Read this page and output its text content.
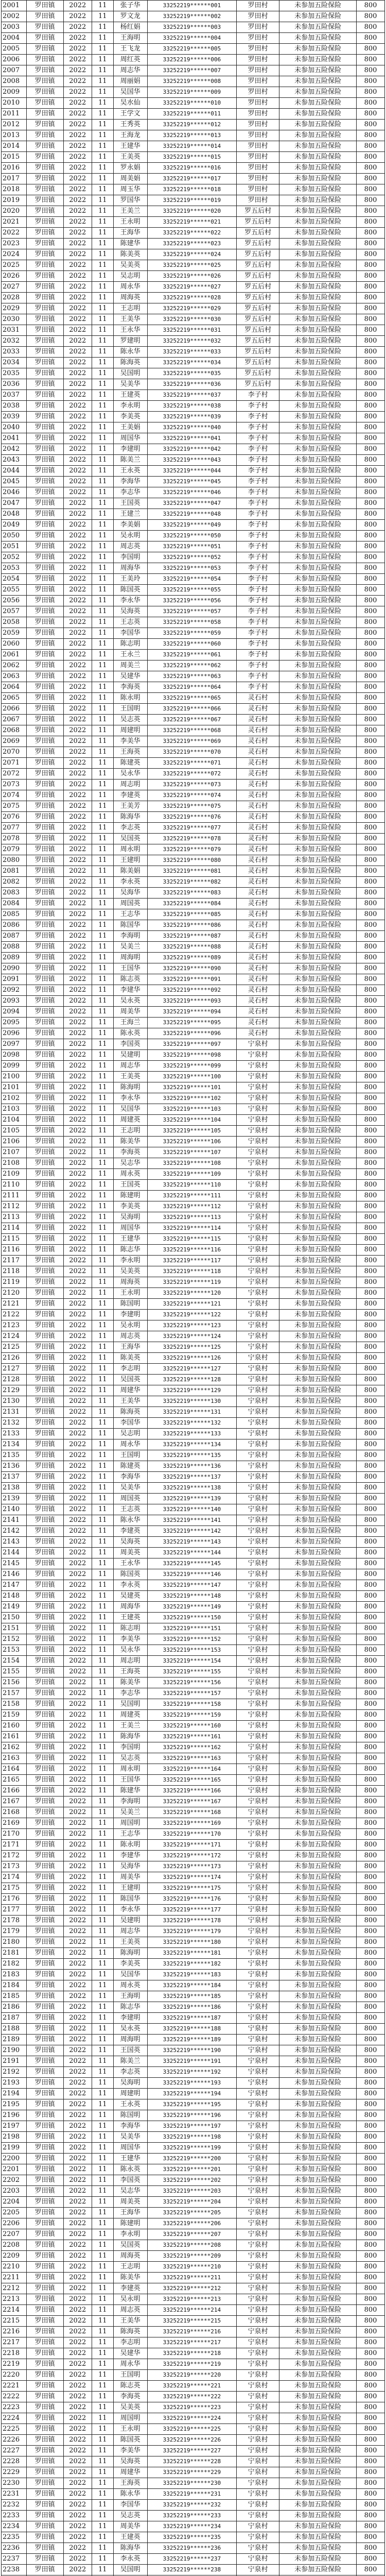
2001	罗田镇	2022	11	张子华	33252219******001	罗田村	未参加五险保险	800
2002	罗田镇	2022	11	罗文龙	33252219******002	罗田村	未参加五险保险	800
2003	罗田镇	2022	11	杨红娟	33252219******003	罗田村	未参加五险保险	800
2004	罗田镇	2022	11	王海明	33252219******004	罗田村	未参加五险保险	800
2005	罗田镇	2022	11	王飞龙	33252219******005	罗田村	未参加五险保险	800
2006	罗田镇	2022	11	周红英	33252219******006	罗田村	未参加五险保险	800
2007	罗田镇	2022	11	周志华	33252219******007	罗田村	未参加五险保险	800
2008	罗田镇	2022	11	周丽娟	33252219******008	罗田村	未参加五险保险	800
2009	罗田镇	2022	11	吴国华	33252219******009	罗田村	未参加五险保险	800
2010	罗田镇	2022	11	吴水仙	33252219******010	罗田村	未参加五险保险	800
2011	罗田镇	2022	11	王学文	33252219******011	罗田村	未参加五险保险	800
2012	罗田镇	2022	11	王秀英	33252219******012	罗田村	未参加五险保险	800
2013	罗田镇	2022	11	王海龙	33252219******013	罗田村	未参加五险保险	800
2014	罗田镇	2022	11	王建华	33252219******014	罗田村	未参加五险保险	800
2015	罗田镇	2022	11	王美英	33252219******015	罗田村	未参加五险保险	800
2016	罗田镇	2022	11	罗永娟	33252219******016	罗田村	未参加五险保险	800
2017	罗田镇	2022	11	周美娟	33252219******017	罗田村	未参加五险保险	800
2018	罗田镇	2022	11	周玉华	33252219******018	罗田村	未参加五险保险	800
2019	罗田镇	2022	11	罗国华	33252219******019	罗田村	未参加五险保险	800
2020	罗田镇	2022	11	王美兰	33252219******020	罗五后村	未参加五险保险	800
2021	罗田镇	2022	11	王永明	33252219******021	罗五后村	未参加五险保险	800
2022	罗田镇	2022	11	王海华	33252219******022	罗五后村	未参加五险保险	800
2023	罗田镇	2022	11	陈建华	33252219******023	罗五后村	未参加五险保险	800
2024	罗田镇	2022	11	陈美英	33252219******024	罗五后村	未参加五险保险	800
2025	罗田镇	2022	11	吴美英	33252219******025	罗五后村	未参加五险保险	800
2026	罗田镇	2022	11	吴志明	33252219******026	罗五后村	未参加五险保险	800
2027	罗田镇	2022	11	周永华	33252219******027	罗五后村	未参加五险保险	800
2028	罗田镇	2022	11	周海英	33252219******028	罗五后村	未参加五险保险	800
2029	罗田镇	2022	11	王志明	33252219******029	罗五后村	未参加五险保险	800
2030	罗田镇	2022	11	王美华	33252219******030	罗五后村	未参加五险保险	800
2031	罗田镇	2022	11	王永华	33252219******031	罗五后村	未参加五险保险	800
2032	罗田镇	2022	11	罗建明	33252219******032	罗五后村	未参加五险保险	800
2033	罗田镇	2022	11	陈永华	33252219******033	罗五后村	未参加五险保险	800
2034	罗田镇	2022	11	陈海英	33252219******034	罗五后村	未参加五险保险	800
2035	罗田镇	2022	11	吴国明	33252219******035	罗五后村	未参加五险保险	800
2036	罗田镇	2022	11	吴美华	33252219******036	罗五后村	未参加五险保险	800
2037	罗田镇	2022	11	王建英	33252219******037	李子村	未参加五险保险	800
2038	罗田镇	2022	11	李永明	33252219******038	李子村	未参加五险保险	800
2039	罗田镇	2022	11	李美英	33252219******039	李子村	未参加五险保险	800
2040	罗田镇	2022	11	王美娟	33252219******040	李子村	未参加五险保险	800
2041	罗田镇	2022	11	周国华	33252219******041	李子村	未参加五险保险	800
2042	罗田镇	2022	11	李建明	33252219******042	李子村	未参加五险保险	800
2043	罗田镇	2022	11	陈美兰	33252219******043	李子村	未参加五险保险	800
2044	罗田镇	2022	11	王永英	33252219******044	李子村	未参加五险保险	800
2045	罗田镇	2022	11	李海华	33252219******045	李子村	未参加五险保险	800
2046	罗田镇	2022	11	李志华	33252219******046	李子村	未参加五险保险	800
2047	罗田镇	2022	11	王国英	33252219******047	李子村	未参加五险保险	800
2048	罗田镇	2022	11	王建兰	33252219******048	李子村	未参加五险保险	800
2049	罗田镇	2022	11	李美娟	33252219******049	李子村	未参加五险保险	800
2050	罗田镇	2022	11	吴永明	33252219******050	李子村	未参加五险保险	800
2051	罗田镇	2022	11	周志英	33252219******051	李子村	未参加五险保险	800
2052	罗田镇	2022	11	李国明	33252219******052	李子村	未参加五险保险	800
2053	罗田镇	2022	11	周海华	33252219******053	李子村	未参加五险保险	800
2054	罗田镇	2022	11	王美玲	33252219******054	李子村	未参加五险保险	800
2055	罗田镇	2022	11	陈国英	33252219******055	李子村	未参加五险保险	800
2056	罗田镇	2022	11	李永华	33252219******056	李子村	未参加五险保险	800
2057	罗田镇	2022	11	吴海英	33252219******057	李子村	未参加五险保险	800
2058	罗田镇	2022	11	王志英	33252219******058	李子村	未参加五险保险	800
2059	罗田镇	2022	11	李国华	33252219******059	李子村	未参加五险保险	800
2060	罗田镇	2022	11	陈志明	33252219******060	李子村	未参加五险保险	800
2061	罗田镇	2022	11	王永兰	33252219******061	李子村	未参加五险保险	800
2062	罗田镇	2022	11	周美兰	33252219******062	李子村	未参加五险保险	800
2063	罗田镇	2022	11	吴建华	33252219******063	李子村	未参加五险保险	800
2064	罗田镇	2022	11	李海英	33252219******064	李子村	未参加五险保险	800
2065	罗田镇	2022	11	陈永明	33252219******065	灵石村	未参加五险保险	800
2066	罗田镇	2022	11	王国明	33252219******066	灵石村	未参加五险保险	800
2067	罗田镇	2022	11	吴志英	33252219******067	灵石村	未参加五险保险	800
2068	罗田镇	2022	11	周建明	33252219******068	灵石村	未参加五险保险	800
2069	罗田镇	2022	11	李美华	33252219******069	灵石村	未参加五险保险	800
2070	罗田镇	2022	11	王海英	33252219******070	灵石村	未参加五险保险	800
2071	罗田镇	2022	11	陈建英	33252219******071	灵石村	未参加五险保险	800
2072	罗田镇	2022	11	吴永华	33252219******072	灵石村	未参加五险保险	800
2073	罗田镇	2022	11	周志明	33252219******073	灵石村	未参加五险保险	800
2074	罗田镇	2022	11	李建英	33252219******074	灵石村	未参加五险保险	800
2075	罗田镇	2022	11	王美芳	33252219******075	灵石村	未参加五险保险	800
2076	罗田镇	2022	11	陈海华	33252219******076	灵石村	未参加五险保险	800
2077	罗田镇	2022	11	李志英	33252219******077	灵石村	未参加五险保险	800
2078	罗田镇	2022	11	吴国英	33252219******078	灵石村	未参加五险保险	800
2079	罗田镇	2022	11	周永明	33252219******079	灵石村	未参加五险保险	800
2080	罗田镇	2022	11	王建明	33252219******080	灵石村	未参加五险保险	800
2081	罗田镇	2022	11	陈美娟	33252219******081	灵石村	未参加五险保险	800
2082	罗田镇	2022	11	李永英	33252219******082	灵石村	未参加五险保险	800
2083	罗田镇	2022	11	吴海华	33252219******083	灵石村	未参加五险保险	800
2084	罗田镇	2022	11	周国英	33252219******084	灵石村	未参加五险保险	800
2085	罗田镇	2022	11	王志华	33252219******085	灵石村	未参加五险保险	800
2086	罗田镇	2022	11	陈国华	33252219******086	灵石村	未参加五险保险	800
2087	罗田镇	2022	11	李海明	33252219******087	灵石村	未参加五险保险	800
2088	罗田镇	2022	11	吴美兰	33252219******088	灵石村	未参加五险保险	800
2089	罗田镇	2022	11	周海明	33252219******089	灵石村	未参加五险保险	800
2090	罗田镇	2022	11	王国华	33252219******090	灵石村	未参加五险保险	800
2091	罗田镇	2022	11	陈志英	33252219******091	灵石村	未参加五险保险	800
2092	罗田镇	2022	11	李建华	33252219******092	灵石村	未参加五险保险	800
2093	罗田镇	2022	11	吴永英	33252219******093	灵石村	未参加五险保险	800
2094	罗田镇	2022	11	周美华	33252219******094	灵石村	未参加五险保险	800
2095	罗田镇	2022	11	王海兰	33252219******095	灵石村	未参加五险保险	800
2096	罗田镇	2022	11	陈永英	33252219******096	灵石村	未参加五险保险	800
2097	罗田镇	2022	11	李国英	33252219******097	宁泉村	未参加五险保险	800
2098	罗田镇	2022	11	吴建明	33252219******098	宁泉村	未参加五险保险	800
2099	罗田镇	2022	11	周志华	33252219******099	宁泉村	未参加五险保险	800
2100	罗田镇	2022	11	王美英	33252219******100	宁泉村	未参加五险保险	800
2101	罗田镇	2022	11	陈海明	33252219******101	宁泉村	未参加五险保险	800
2102	罗田镇	2022	11	李永华	33252219******102	宁泉村	未参加五险保险	800
2103	罗田镇	2022	11	吴国华	33252219******103	宁泉村	未参加五险保险	800
2104	罗田镇	2022	11	周建英	33252219******104	宁泉村	未参加五险保险	800
2105	罗田镇	2022	11	王志明	33252219******105	宁泉村	未参加五险保险	800
2106	罗田镇	2022	11	陈美华	33252219******106	宁泉村	未参加五险保险	800
2107	罗田镇	2022	11	李海英	33252219******107	宁泉村	未参加五险保险	800
2108	罗田镇	2022	11	吴志华	33252219******108	宁泉村	未参加五险保险	800
2109	罗田镇	2022	11	周永英	33252219******109	宁泉村	未参加五险保险	800
2110	罗田镇	2022	11	王国英	33252219******110	宁泉村	未参加五险保险	800
2111	罗田镇	2022	11	陈建明	33252219******111	宁泉村	未参加五险保险	800
2112	罗田镇	2022	11	李美英	33252219******112	宁泉村	未参加五险保险	800
2113	罗田镇	2022	11	吴海明	33252219******113	宁泉村	未参加五险保险	800
2114	罗田镇	2022	11	周国华	33252219******114	宁泉村	未参加五险保险	800
2115	罗田镇	2022	11	王建华	33252219******115	宁泉村	未参加五险保险	800
2116	罗田镇	2022	11	陈志华	33252219******116	宁泉村	未参加五险保险	800
2117	罗田镇	2022	11	李永明	33252219******117	宁泉村	未参加五险保险	800
2118	罗田镇	2022	11	吴美英	33252219******118	宁泉村	未参加五险保险	800
2119	罗田镇	2022	11	周海英	33252219******119	宁泉村	未参加五险保险	800
2120	罗田镇	2022	11	王永明	33252219******120	宁泉村	未参加五险保险	800
2121	罗田镇	2022	11	陈国明	33252219******121	宁泉村	未参加五险保险	800
2122	罗田镇	2022	11	李建明	33252219******122	宁泉村	未参加五险保险	800
2123	罗田镇	2022	11	吴永明	33252219******123	宁泉村	未参加五险保险	800
2124	罗田镇	2022	11	周志英	33252219******124	宁泉村	未参加五险保险	800
2125	罗田镇	2022	11	王海华	33252219******125	宁泉村	未参加五险保险	800
2126	罗田镇	2022	11	陈美英	33252219******126	宁泉村	未参加五险保险	800
2127	罗田镇	2022	11	李志明	33252219******127	宁泉村	未参加五险保险	800
2128	罗田镇	2022	11	吴国英	33252219******128	宁泉村	未参加五险保险	800
2129	罗田镇	2022	11	周建华	33252219******129	宁泉村	未参加五险保险	800
2130	罗田镇	2022	11	王美华	33252219******130	宁泉村	未参加五险保险	800
2131	罗田镇	2022	11	陈海英	33252219******131	宁泉村	未参加五险保险	800
2132	罗田镇	2022	11	李国华	33252219******132	宁泉村	未参加五险保险	800
2133	罗田镇	2022	11	吴志明	33252219******133	宁泉村	未参加五险保险	800
2134	罗田镇	2022	11	周永华	33252219******134	宁泉村	未参加五险保险	800
2135	罗田镇	2022	11	王国明	33252219******135	宁泉村	未参加五险保险	800
2136	罗田镇	2022	11	陈建英	33252219******136	宁泉村	未参加五险保险	800
2137	罗田镇	2022	11	李海华	33252219******137	宁泉村	未参加五险保险	800
2138	罗田镇	2022	11	吴美华	33252219******138	宁泉村	未参加五险保险	800
2139	罗田镇	2022	11	周国英	33252219******139	宁泉村	未参加五险保险	800
2140	罗田镇	2022	11	王志英	33252219******140	宁泉村	未参加五险保险	800
2141	罗田镇	2022	11	陈永华	33252219******141	宁泉村	未参加五险保险	800
2142	罗田镇	2022	11	李建英	33252219******142	宁泉村	未参加五险保险	800
2143	罗田镇	2022	11	吴海英	33252219******143	宁泉村	未参加五险保险	800
2144	罗田镇	2022	11	周美英	33252219******144	宁泉村	未参加五险保险	800
2145	罗田镇	2022	11	王永华	33252219******145	宁泉村	未参加五险保险	800
2146	罗田镇	2022	11	陈国英	33252219******146	宁泉村	未参加五险保险	800
2147	罗田镇	2022	11	李永英	33252219******147	宁泉村	未参加五险保险	800
2148	罗田镇	2022	11	吴建英	33252219******148	宁泉村	未参加五险保险	800
2149	罗田镇	2022	11	周海华	33252219******149	宁泉村	未参加五险保险	800
2150	罗田镇	2022	11	王建英	33252219******150	宁泉村	未参加五险保险	800
2151	罗田镇	2022	11	陈志明	33252219******151	宁泉村	未参加五险保险	800
2152	罗田镇	2022	11	李美华	33252219******152	宁泉村	未参加五险保险	800
2153	罗田镇	2022	11	吴永华	33252219******153	宁泉村	未参加五险保险	800
2154	罗田镇	2022	11	周志明	33252219******154	宁泉村	未参加五险保险	800
2155	罗田镇	2022	11	王海英	33252219******155	宁泉村	未参加五险保险	800
2156	罗田镇	2022	11	陈美华	33252219******156	宁泉村	未参加五险保险	800
2157	罗田镇	2022	11	李志华	33252219******157	宁泉村	未参加五险保险	800
2158	罗田镇	2022	11	吴国明	33252219******158	宁泉村	未参加五险保险	800
2159	罗田镇	2022	11	周建英	33252219******159	宁泉村	未参加五险保险	800
2160	罗田镇	2022	11	王美兰	33252219******160	宁泉村	未参加五险保险	800
2161	罗田镇	2022	11	陈海华	33252219******161	宁泉村	未参加五险保险	800
2162	罗田镇	2022	11	李国明	33252219******162	宁泉村	未参加五险保险	800
2163	罗田镇	2022	11	吴志英	33252219******163	宁泉村	未参加五险保险	800
2164	罗田镇	2022	11	周永明	33252219******164	宁泉村	未参加五险保险	800
2165	罗田镇	2022	11	王国华	33252219******165	宁泉村	未参加五险保险	800
2166	罗田镇	2022	11	陈建华	33252219******166	宁泉村	未参加五险保险	800
2167	罗田镇	2022	11	李海明	33252219******167	宁泉村	未参加五险保险	800
2168	罗田镇	2022	11	吴美兰	33252219******168	宁泉村	未参加五险保险	800
2169	罗田镇	2022	11	周国明	33252219******169	宁泉村	未参加五险保险	800
2170	罗田镇	2022	11	王志华	33252219******170	宁泉村	未参加五险保险	800
2171	罗田镇	2022	11	陈永明	33252219******171	宁泉村	未参加五险保险	800
2172	罗田镇	2022	11	李建华	33252219******172	宁泉村	未参加五险保险	800
2173	罗田镇	2022	11	吴海华	33252219******173	宁泉村	未参加五险保险	800
2174	罗田镇	2022	11	周美华	33252219******174	宁泉村	未参加五险保险	800
2175	罗田镇	2022	11	王建明	33252219******175	宁泉村	未参加五险保险	800
2176	罗田镇	2022	11	陈国华	33252219******176	宁泉村	未参加五险保险	800
2177	罗田镇	2022	11	李永华	33252219******177	宁泉村	未参加五险保险	800
2178	罗田镇	2022	11	吴建明	33252219******178	宁泉村	未参加五险保险	800
2179	罗田镇	2022	11	周志华	33252219******179	宁泉村	未参加五险保险	800
2180	罗田镇	2022	11	王美英	33252219******180	宁泉村	未参加五险保险	800
2181	罗田镇	2022	11	陈海明	33252219******181	宁泉村	未参加五险保险	800
2182	罗田镇	2022	11	李美英	33252219******182	宁泉村	未参加五险保险	800
2183	罗田镇	2022	11	吴国华	33252219******183	宁泉村	未参加五险保险	800
2184	罗田镇	2022	11	周永英	33252219******184	宁泉村	未参加五险保险	800
2185	罗田镇	2022	11	王海明	33252219******185	宁泉村	未参加五险保险	800
2186	罗田镇	2022	11	陈志华	33252219******186	宁泉村	未参加五险保险	800
2187	罗田镇	2022	11	李建明	33252219******187	宁泉村	未参加五险保险	800
2188	罗田镇	2022	11	吴永英	33252219******188	宁泉村	未参加五险保险	800
2189	罗田镇	2022	11	周海明	33252219******189	宁泉村	未参加五险保险	800
2190	罗田镇	2022	11	王国英	33252219******190	宁泉村	未参加五险保险	800
2191	罗田镇	2022	11	陈美兰	33252219******191	宁泉村	未参加五险保险	800
2192	罗田镇	2022	11	李志英	33252219******192	宁泉村	未参加五险保险	800
2193	罗田镇	2022	11	吴海明	33252219******193	宁泉村	未参加五险保险	800
2194	罗田镇	2022	11	周建明	33252219******194	宁泉村	未参加五险保险	800
2195	罗田镇	2022	11	王永英	33252219******195	宁泉村	未参加五险保险	800
2196	罗田镇	2022	11	陈国明	33252219******196	宁泉村	未参加五险保险	800
2197	罗田镇	2022	11	李海华	33252219******197	宁泉村	未参加五险保险	800
2198	罗田镇	2022	11	吴美华	33252219******198	宁泉村	未参加五险保险	800
2199	罗田镇	2022	11	周国华	33252219******199	宁泉村	未参加五险保险	800
2200	罗田镇	2022	11	王建华	33252219******200	宁泉村	未参加五险保险	800
2201	罗田镇	2022	11	陈永英	33252219******201	宁泉村	未参加五险保险	800
2202	罗田镇	2022	11	李国英	33252219******202	宁泉村	未参加五险保险	800
2203	罗田镇	2022	11	吴志华	33252219******203	宁泉村	未参加五险保险	800
2204	罗田镇	2022	11	周美英	33252219******204	宁泉村	未参加五险保险	800
2205	罗田镇	2022	11	王海华	33252219******205	宁泉村	未参加五险保险	800
2206	罗田镇	2022	11	陈建明	33252219******206	宁泉村	未参加五险保险	800
2207	罗田镇	2022	11	李永明	33252219******207	宁泉村	未参加五险保险	800
2208	罗田镇	2022	11	吴国英	33252219******208	宁泉村	未参加五险保险	800
2209	罗田镇	2022	11	周海英	33252219******209	宁泉村	未参加五险保险	800
2210	罗田镇	2022	11	王志明	33252219******210	宁泉村	未参加五险保险	800
2211	罗田镇	2022	11	陈美华	33252219******211	宁泉村	未参加五险保险	800
2212	罗田镇	2022	11	李建英	33252219******212	宁泉村	未参加五险保险	800
2213	罗田镇	2022	11	吴永明	33252219******213	宁泉村	未参加五险保险	800
2214	罗田镇	2022	11	周志英	33252219******214	宁泉村	未参加五险保险	800
2215	罗田镇	2022	11	王美华	33252219******215	宁泉村	未参加五险保险	800
2216	罗田镇	2022	11	陈海英	33252219******216	宁泉村	未参加五险保险	800
2217	罗田镇	2022	11	李志明	33252219******217	宁泉村	未参加五险保险	800
2218	罗田镇	2022	11	吴建华	33252219******218	宁泉村	未参加五险保险	800
2219	罗田镇	2022	11	周永华	33252219******219	宁泉村	未参加五险保险	800
2220	罗田镇	2022	11	王国明	33252219******220	宁泉村	未参加五险保险	800
2221	罗田镇	2022	11	陈志英	33252219******221	宁泉村	未参加五险保险	800
2222	罗田镇	2022	11	李海英	33252219******222	宁泉村	未参加五险保险	800
2223	罗田镇	2022	11	吴美英	33252219******223	宁泉村	未参加五险保险	800
2224	罗田镇	2022	11	周国明	33252219******224	宁泉村	未参加五险保险	800
2225	罗田镇	2022	11	王永明	33252219******225	宁泉村	未参加五险保险	800
2226	罗田镇	2022	11	陈国英	33252219******226	宁泉村	未参加五险保险	800
2227	罗田镇	2022	11	李美华	33252219******227	宁泉村	未参加五险保险	800
2228	罗田镇	2022	11	吴海英	33252219******228	宁泉村	未参加五险保险	800
2229	罗田镇	2022	11	周建华	33252219******229	宁泉村	未参加五险保险	800
2230	罗田镇	2022	11	王海英	33252219******230	宁泉村	未参加五险保险	800
2231	罗田镇	2022	11	陈永华	33252219******231	宁泉村	未参加五险保险	800
2232	罗田镇	2022	11	李国华	33252219******232	宁泉村	未参加五险保险	800
2233	罗田镇	2022	11	吴志英	33252219******233	宁泉村	未参加五险保险	800
2234	罗田镇	2022	11	周美华	33252219******234	宁泉村	未参加五险保险	800
2235	罗田镇	2022	11	王建英	33252219******235	宁泉村	未参加五险保险	800
2236	罗田镇	2022	11	陈海华	33252219******236	宁泉村	未参加五险保险	800
2237	罗田镇	2022	11	李永英	33252219******237	宁泉村	未参加五险保险	800
2238	罗田镇	2022	11	吴国明	33252219******238	宁泉村	未参加五险保险	800
